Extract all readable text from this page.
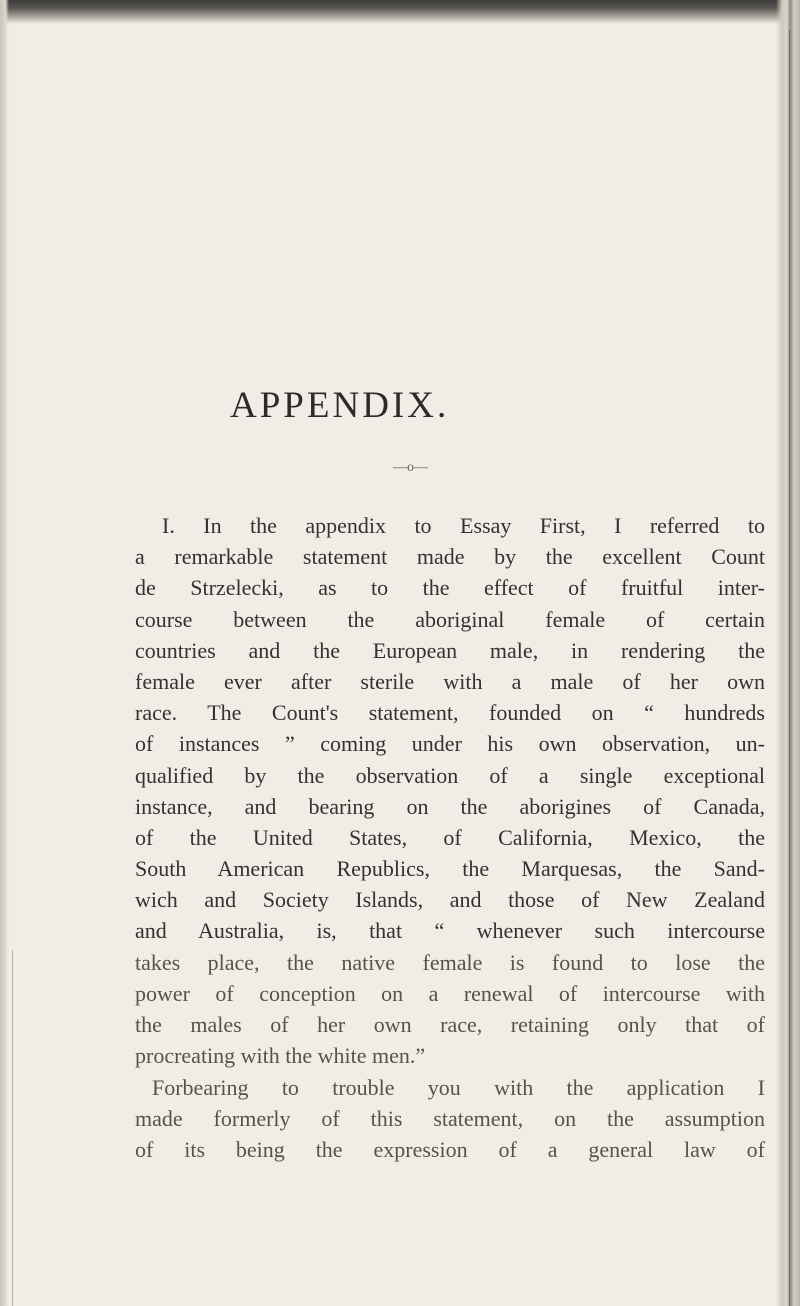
APPENDIX.
—o—
I. In the appendix to Essay First, I referred to
a remarkable statement made by the excellent Count
de Strzelecki, as to the effect of fruitful inter-
course between the aboriginal female of certain
countries and the European male, in rendering the
female ever after sterile with a male of her own
race. The Count's statement, founded on “ hundreds
of instances ” coming under his own observation, un-
qualified by the observation of a single exceptional
instance, and bearing on the aborigines of Canada,
of the United States, of California, Mexico, the
South American Republics, the Marquesas, the Sand-
wich and Society Islands, and those of New Zealand
and Australia, is, that “ whenever such intercourse
takes place, the native female is found to lose the
power of conception on a renewal of intercourse with
the males of her own race, retaining only that of
procreating with the white men.”
Forbearing to trouble you with the application I
made formerly of this statement, on the assumption
of its being the expression of a general law of
